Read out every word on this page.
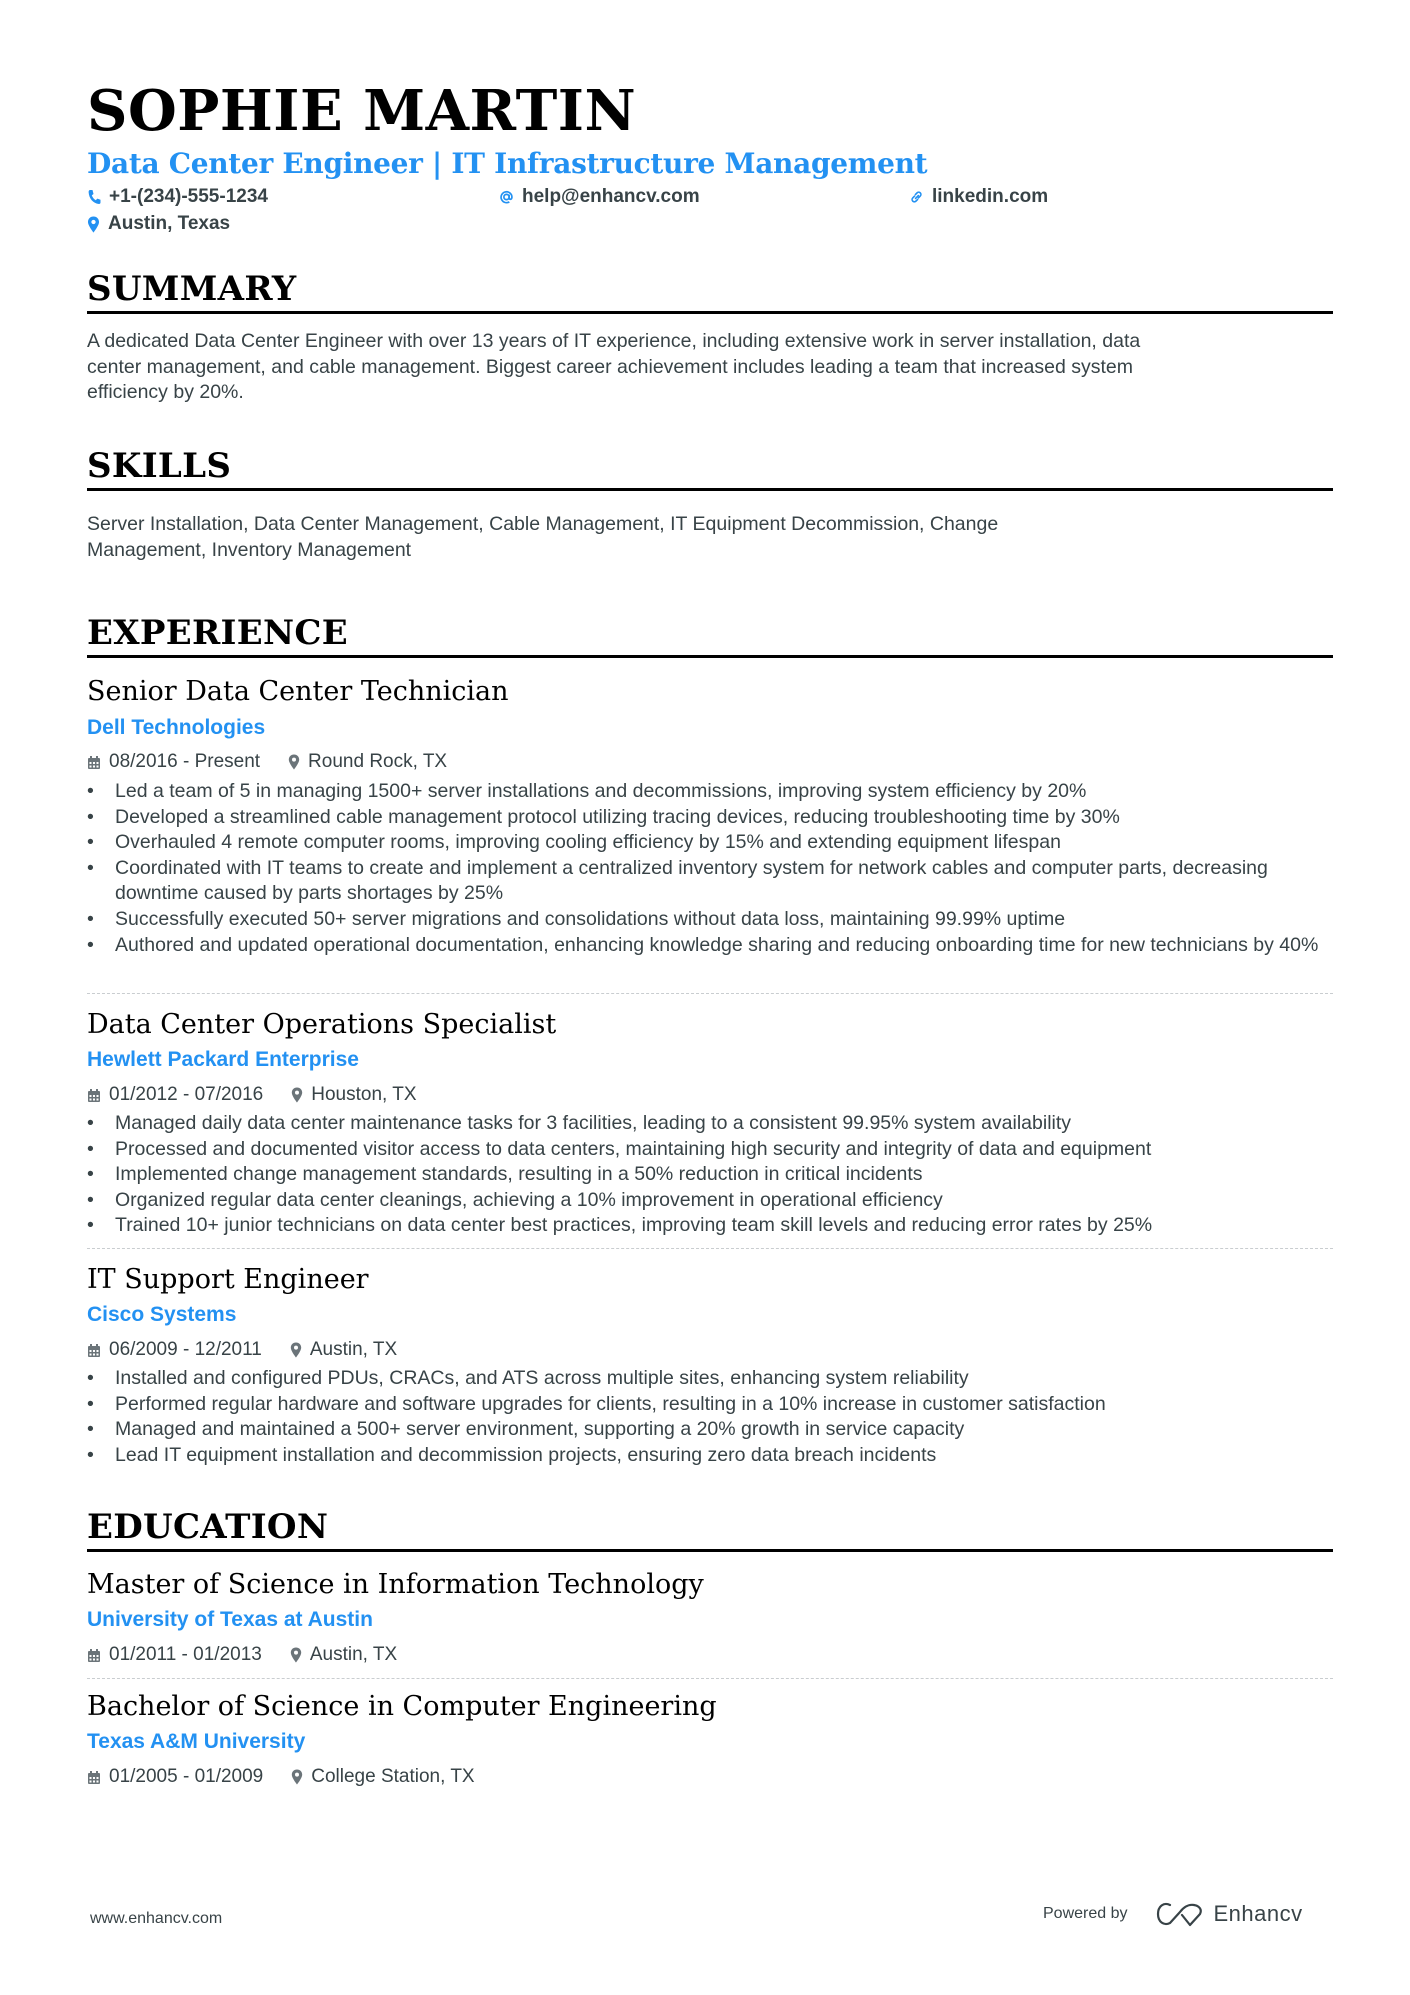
SOPHIE MARTIN
Data Center Engineer | IT Infrastructure Management
+1-(234)-555-1234	help@enhancv.com	linkedin.com
Austin, Texas
SUMMARY
A dedicated Data Center Engineer with over 13 years of IT experience, including extensive work in server installation, data
center management, and cable management. Biggest career achievement includes leading a team that increased system
efficiency by 20%.
SKILLS
Server Installation, Data Center Management, Cable Management, IT Equipment Decommission, Change
Management, Inventory Management
EXPERIENCE
Senior Data Center Technician
Dell Technologies
08/2016 - Present	Round Rock, TX
• Led a team of 5 in managing 1500+ server installations and decommissions, improving system efficiency by 20%
• Developed a streamlined cable management protocol utilizing tracing devices, reducing troubleshooting time by 30%
• Overhauled 4 remote computer rooms, improving cooling efficiency by 15% and extending equipment lifespan
• Coordinated with IT teams to create and implement a centralized inventory system for network cables and computer parts, decreasing downtime caused by parts shortages by 25%
• Successfully executed 50+ server migrations and consolidations without data loss, maintaining 99.99% uptime
• Authored and updated operational documentation, enhancing knowledge sharing and reducing onboarding time for new technicians by 40%
Data Center Operations Specialist
Hewlett Packard Enterprise
01/2012 - 07/2016	Houston, TX
• Managed daily data center maintenance tasks for 3 facilities, leading to a consistent 99.95% system availability
• Processed and documented visitor access to data centers, maintaining high security and integrity of data and equipment
• Implemented change management standards, resulting in a 50% reduction in critical incidents
• Organized regular data center cleanings, achieving a 10% improvement in operational efficiency
• Trained 10+ junior technicians on data center best practices, improving team skill levels and reducing error rates by 25%
IT Support Engineer
Cisco Systems
06/2009 - 12/2011	Austin, TX
• Installed and configured PDUs, CRACs, and ATS across multiple sites, enhancing system reliability
• Performed regular hardware and software upgrades for clients, resulting in a 10% increase in customer satisfaction
• Managed and maintained a 500+ server environment, supporting a 20% growth in service capacity
• Lead IT equipment installation and decommission projects, ensuring zero data breach incidents
EDUCATION
Master of Science in Information Technology
University of Texas at Austin
01/2011 - 01/2013	Austin, TX
Bachelor of Science in Computer Engineering
Texas A&M University
01/2005 - 01/2009	College Station, TX
www.enhancv.com	Powered by	Enhancv
